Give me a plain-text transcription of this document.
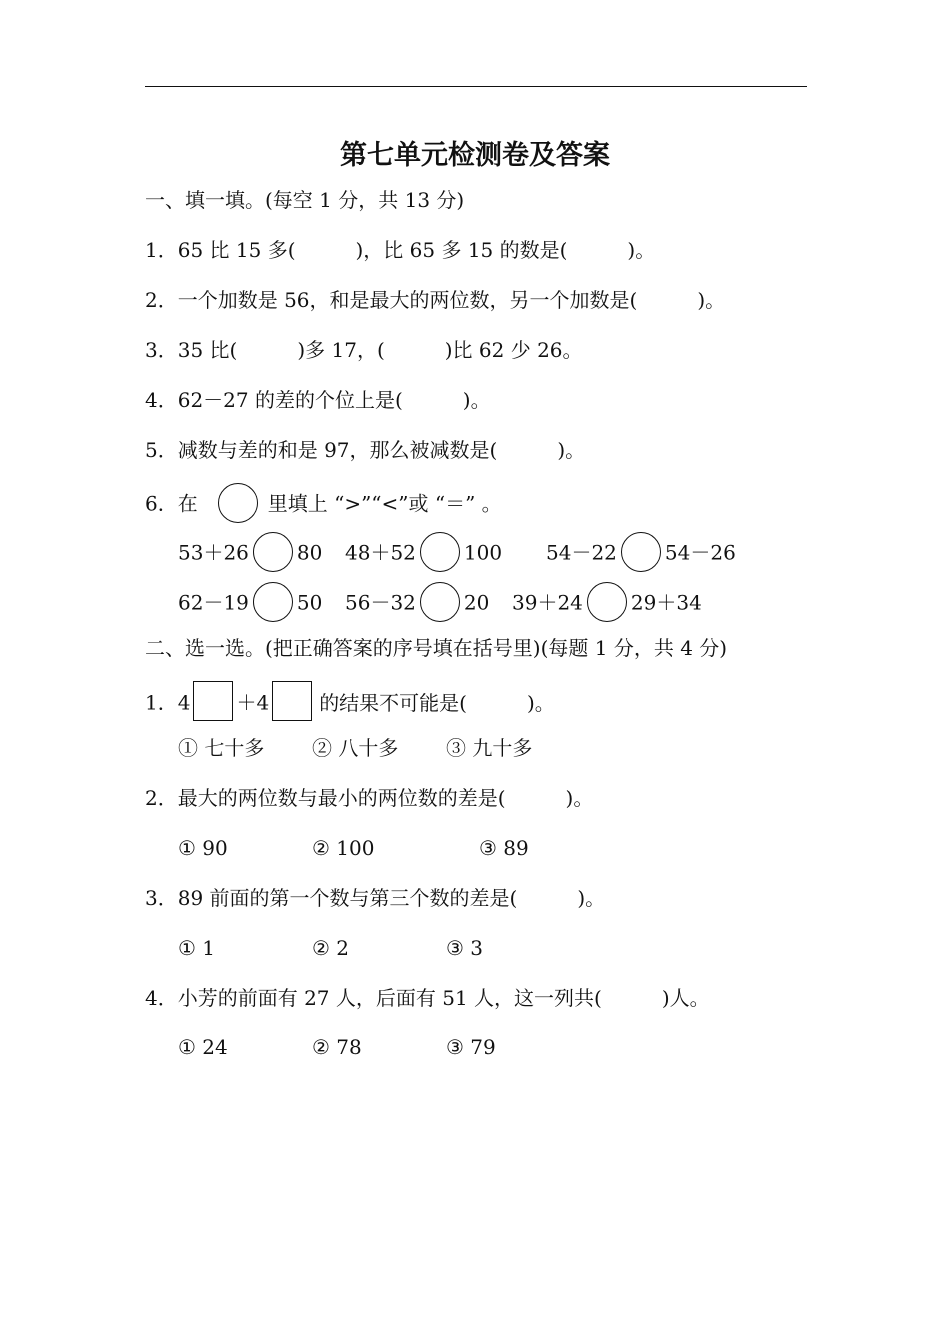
第七单元检测卷及答案
一、填一填。(每空 1 分，共 13 分)
1．65 比 15 多(　　　)，比 65 多 15 的数是(　　　)。
2．一个加数是 56，和是最大的两位数，另一个加数是(　　　)。
3．35 比(　　　)多 17，(　　　)比 62 少 26。
4．62－27 的差的个位上是(　　　)。
5．减数与差的和是 97，那么被减数是(　　　)。
6．在	里填上 “>”“<”或 “＝” 。
53＋26 80 48＋52 100 54－22 54－26
62－19 50 56－32 20 39＋24 29＋34
二、选一选。(把正确答案的序号填在括号里)(每题 1 分，共 4 分)
1．4 ＋4	的结果不可能是(　　　)。
① 七十多 ② 八十多 ③ 九十多
2．最大的两位数与最小的两位数的差是(　　　)。
① 90	② 100	③ 89
3．89 前面的第一个数与第三个数的差是(　　　)。
① 1	② 2	③ 3
4．小芳的前面有 27 人，后面有 51 人，这一列共(　　　)人。
① 24	② 78	③ 79
